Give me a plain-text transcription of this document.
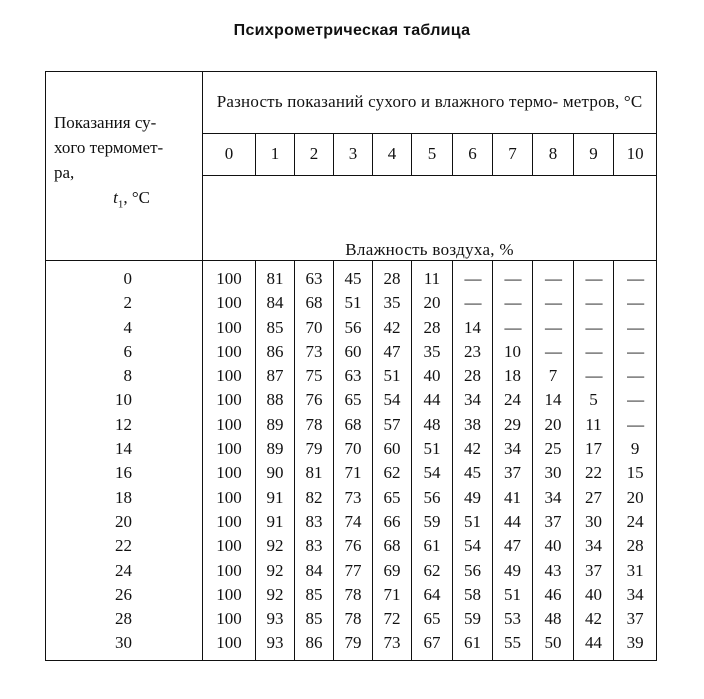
Психрометрическая таблица
Показания су-
хого термомет-
ра,
$t_1$, °С	Разность показаний сухого и влажного термо- метров, °С										
	0	1	2	3	4	5	6	7	8	9	10
	Влажность воздуха, %										
0	100	81	63	45	28	11	—	—	—	—	—
2	100	84	68	51	35	20	—	—	—	—	—
4	100	85	70	56	42	28	14	—	—	—	—
6	100	86	73	60	47	35	23	10	—	—	—
8	100	87	75	63	51	40	28	18	7	—	—
10	100	88	76	65	54	44	34	24	14	5	—
12	100	89	78	68	57	48	38	29	20	11	—
14	100	89	79	70	60	51	42	34	25	17	9
16	100	90	81	71	62	54	45	37	30	22	15
18	100	91	82	73	65	56	49	41	34	27	20
20	100	91	83	74	66	59	51	44	37	30	24
22	100	92	83	76	68	61	54	47	40	34	28
24	100	92	84	77	69	62	56	49	43	37	31
26	100	92	85	78	71	64	58	51	46	40	34
28	100	93	85	78	72	65	59	53	48	42	37
30	100	93	86	79	73	67	61	55	50	44	39
